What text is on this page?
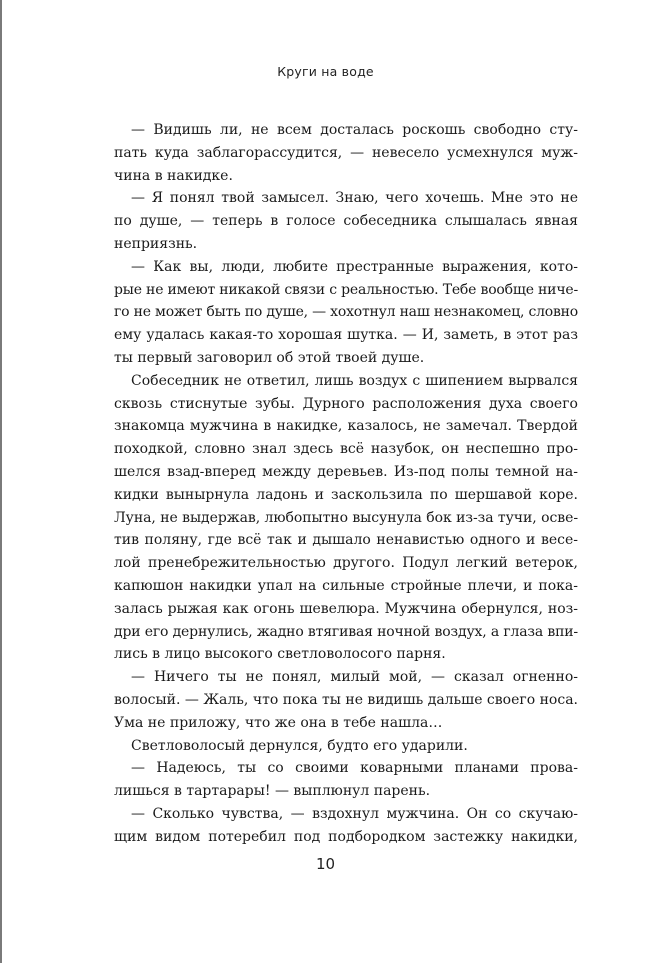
Круги на воде
— Видишь ли, не всем досталась роскошь свободно сту-
пать куда заблагорассудится, — невесело усмехнулся муж-
чина в накидке.
— Я понял твой замысел. Знаю, чего хочешь. Мне это не
по душе, — теперь в голосе собеседника слышалась явная
неприязнь.
— Как вы, люди, любите престранные выражения, кото-
рые не имеют никакой связи с реальностью. Тебе вообще ниче-
го не может быть по душе, — хохотнул наш незнакомец, словно
ему удалась какая-то хорошая шутка. — И, заметь, в этот раз
ты первый заговорил об этой твоей душе.
Собеседник не ответил, лишь воздух с шипением вырвался
сквозь стиснутые зубы. Дурного расположения духа своего
знакомца мужчина в накидке, казалось, не замечал. Твердой
походкой, словно знал здесь всё назубок, он неспешно про-
шелся взад-вперед между деревьев. Из-под полы темной на-
кидки вынырнула ладонь и заскользила по шершавой коре.
Луна, не выдержав, любопытно высунула бок из-за тучи, осве-
тив поляну, где всё так и дышало ненавистью одного и весе-
лой пренебрежительностью другого. Подул легкий ветерок,
капюшон накидки упал на сильные стройные плечи, и пока-
залась рыжая как огонь шевелюра. Мужчина обернулся, ноз-
дри его дернулись, жадно втягивая ночной воздух, а глаза впи-
лись в лицо высокого светловолосого парня.
— Ничего ты не понял, милый мой, — сказал огненно-
волосый. — Жаль, что пока ты не видишь дальше своего носа.
Ума не приложу, что же она в тебе нашла…
Светловолосый дернулся, будто его ударили.
— Надеюсь, ты со своими коварными планами прова-
лишься в тартарары! — выплюнул парень.
— Сколько чувства, — вздохнул мужчина. Он со скучаю-
щим видом потеребил под подбородком застежку накидки,
10
